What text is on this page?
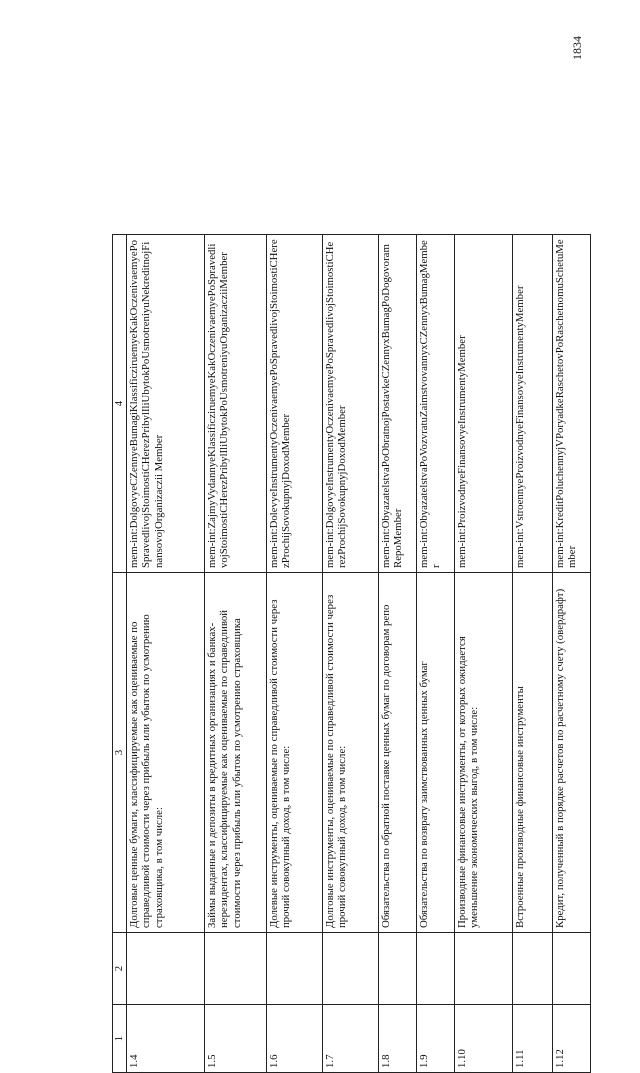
1	2	3	4
1.4		Долговые ценные бумаги, классифицируемые как оцениваемые по справедливой стоимости через прибыль или убыток по усмотрению страховщика, в том числе:	mem-int:DolgovyeCZennyeBumagiKlassificziruemyeKakOczenivaemyePoSpravedlivojStoimostiCHerezPribylIliUbytokPoUsmotreniyuNekreditnojFinansovojOrganizaczii Member
1.5		Займы выданные и депозиты в кредитных организациях и банках-нерезидентах, классифицируемые как оцениваемые по справедливой стоимости через прибыль или убыток по усмотрению страховщика	mem-int:ZajmyVydannyeKlassificziruemyeKakOczenivaemyePoSpravedlivojStoimostiCHerezPribylIliUbytokPoUsmotreniyuOrganizacziiMember
1.6		Долевые инструменты, оцениваемые по справедливой стоимости через прочий совокупный доход, в том числе:	mem-int:DolevyeInstrumentyOczenivaemyePoSpravedlivojStoimostiCHerezProchijSovokupnyjDoxodMember
1.7		Долговые инструменты, оцениваемые по справедливой стоимости через прочий совокупный доход, в том числе:	mem-int:DolgovyeInstrumentyOczenivaemyePoSpravedlivojStoimostiCHerezProchijSovokupnyjDoxodMember
1.8		Обязательства по обратной поставке ценных бумаг по договорам репо	mem-int:ObyazatelstvaPoObratnojPostavkeCZennyxBumagPoDogovoramRepoMember
1.9		Обязательства по возврату заимствованных ценных бумаг	mem-int:ObyazatelstvaPoVozvratuZaimstvovannyxCZennyxBumagMember
1.10		Производные финансовые инструменты, от которых ожидается уменьшение экономических выгод, в том числе:	mem-int:ProizvodnyeFinansovyeInstrumentyMember
1.11		Встроенные производные финансовые инструменты	mem-int:VstroennyeProizvodnyeFinansovyeInstrumentyMember
1.12		Кредит, полученный в порядке расчетов по расчетному счету (овердрафт)	mem-int:KreditPoluchennyjVPoryadkeRaschetovPoRaschetnomuSchetuMember
1834
